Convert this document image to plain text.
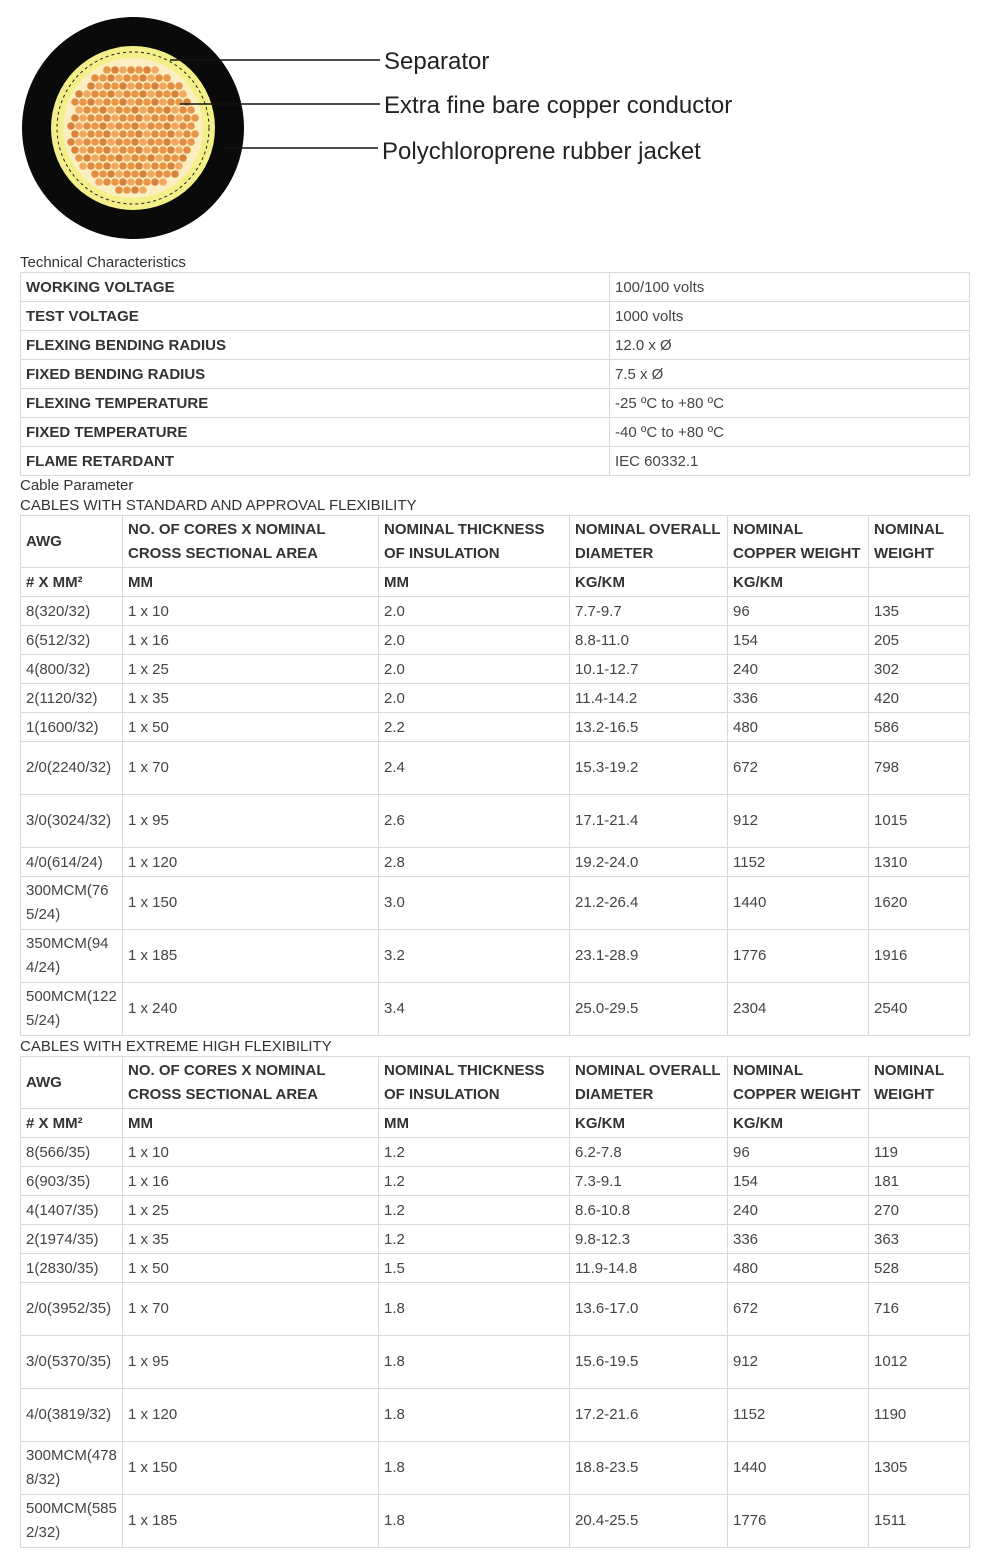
Separator
Extra fine bare copper conductor
Polychloroprene rubber jacket
Technical Characteristics
WORKING VOLTAGE	100/100 volts
TEST VOLTAGE	1000 volts
FLEXING BENDING RADIUS	12.0 x Ø
FIXED BENDING RADIUS	7.5 x Ø
FLEXING TEMPERATURE	-25 ºC to +80 ºC
FIXED TEMPERATURE	-40 ºC to +80 ºC
FLAME RETARDANT	IEC 60332.1
Cable Parameter
CABLES WITH STANDARD AND APPROVAL FLEXIBILITY
AWG	NO. OF CORES X NOMINAL CROSS SECTIONAL AREA	NOMINAL THICKNESS OF INSULATION	NOMINAL OVERALL DIAMETER	NOMINAL COPPER WEIGHT	NOMINAL WEIGHT
# X MM²	MM	MM	KG/KM	KG/KM	
8(320/32)	1 x 10	2.0	7.7-9.7	96	135
6(512/32)	1 x 16	2.0	8.8-11.0	154	205
4(800/32)	1 x 25	2.0	10.1-12.7	240	302
2(1120/32)	1 x 35	2.0	11.4-14.2	336	420
1(1600/32)	1 x 50	2.2	13.2-16.5	480	586
2/0(2240/32)	1 x 70	2.4	15.3-19.2	672	798
3/0(3024/32)	1 x 95	2.6	17.1-21.4	912	1015
4/0(614/24)	1 x 120	2.8	19.2-24.0	1152	1310
300MCM(765/24)	1 x 150	3.0	21.2-26.4	1440	1620
350MCM(944/24)	1 x 185	3.2	23.1-28.9	1776	1916
500MCM(1225/24)	1 x 240	3.4	25.0-29.5	2304	2540
CABLES WITH EXTREME HIGH FLEXIBILITY
AWG	NO. OF CORES X NOMINAL CROSS SECTIONAL AREA	NOMINAL THICKNESS OF INSULATION	NOMINAL OVERALL DIAMETER	NOMINAL COPPER WEIGHT	NOMINAL WEIGHT
# X MM²	MM	MM	KG/KM	KG/KM	
8(566/35)	1 x 10	1.2	6.2-7.8	96	119
6(903/35)	1 x 16	1.2	7.3-9.1	154	181
4(1407/35)	1 x 25	1.2	8.6-10.8	240	270
2(1974/35)	1 x 35	1.2	9.8-12.3	336	363
1(2830/35)	1 x 50	1.5	11.9-14.8	480	528
2/0(3952/35)	1 x 70	1.8	13.6-17.0	672	716
3/0(5370/35)	1 x 95	1.8	15.6-19.5	912	1012
4/0(3819/32)	1 x 120	1.8	17.2-21.6	1152	1190
300MCM(4788/32)	1 x 150	1.8	18.8-23.5	1440	1305
500MCM(5852/32)	1 x 185	1.8	20.4-25.5	1776	1511
